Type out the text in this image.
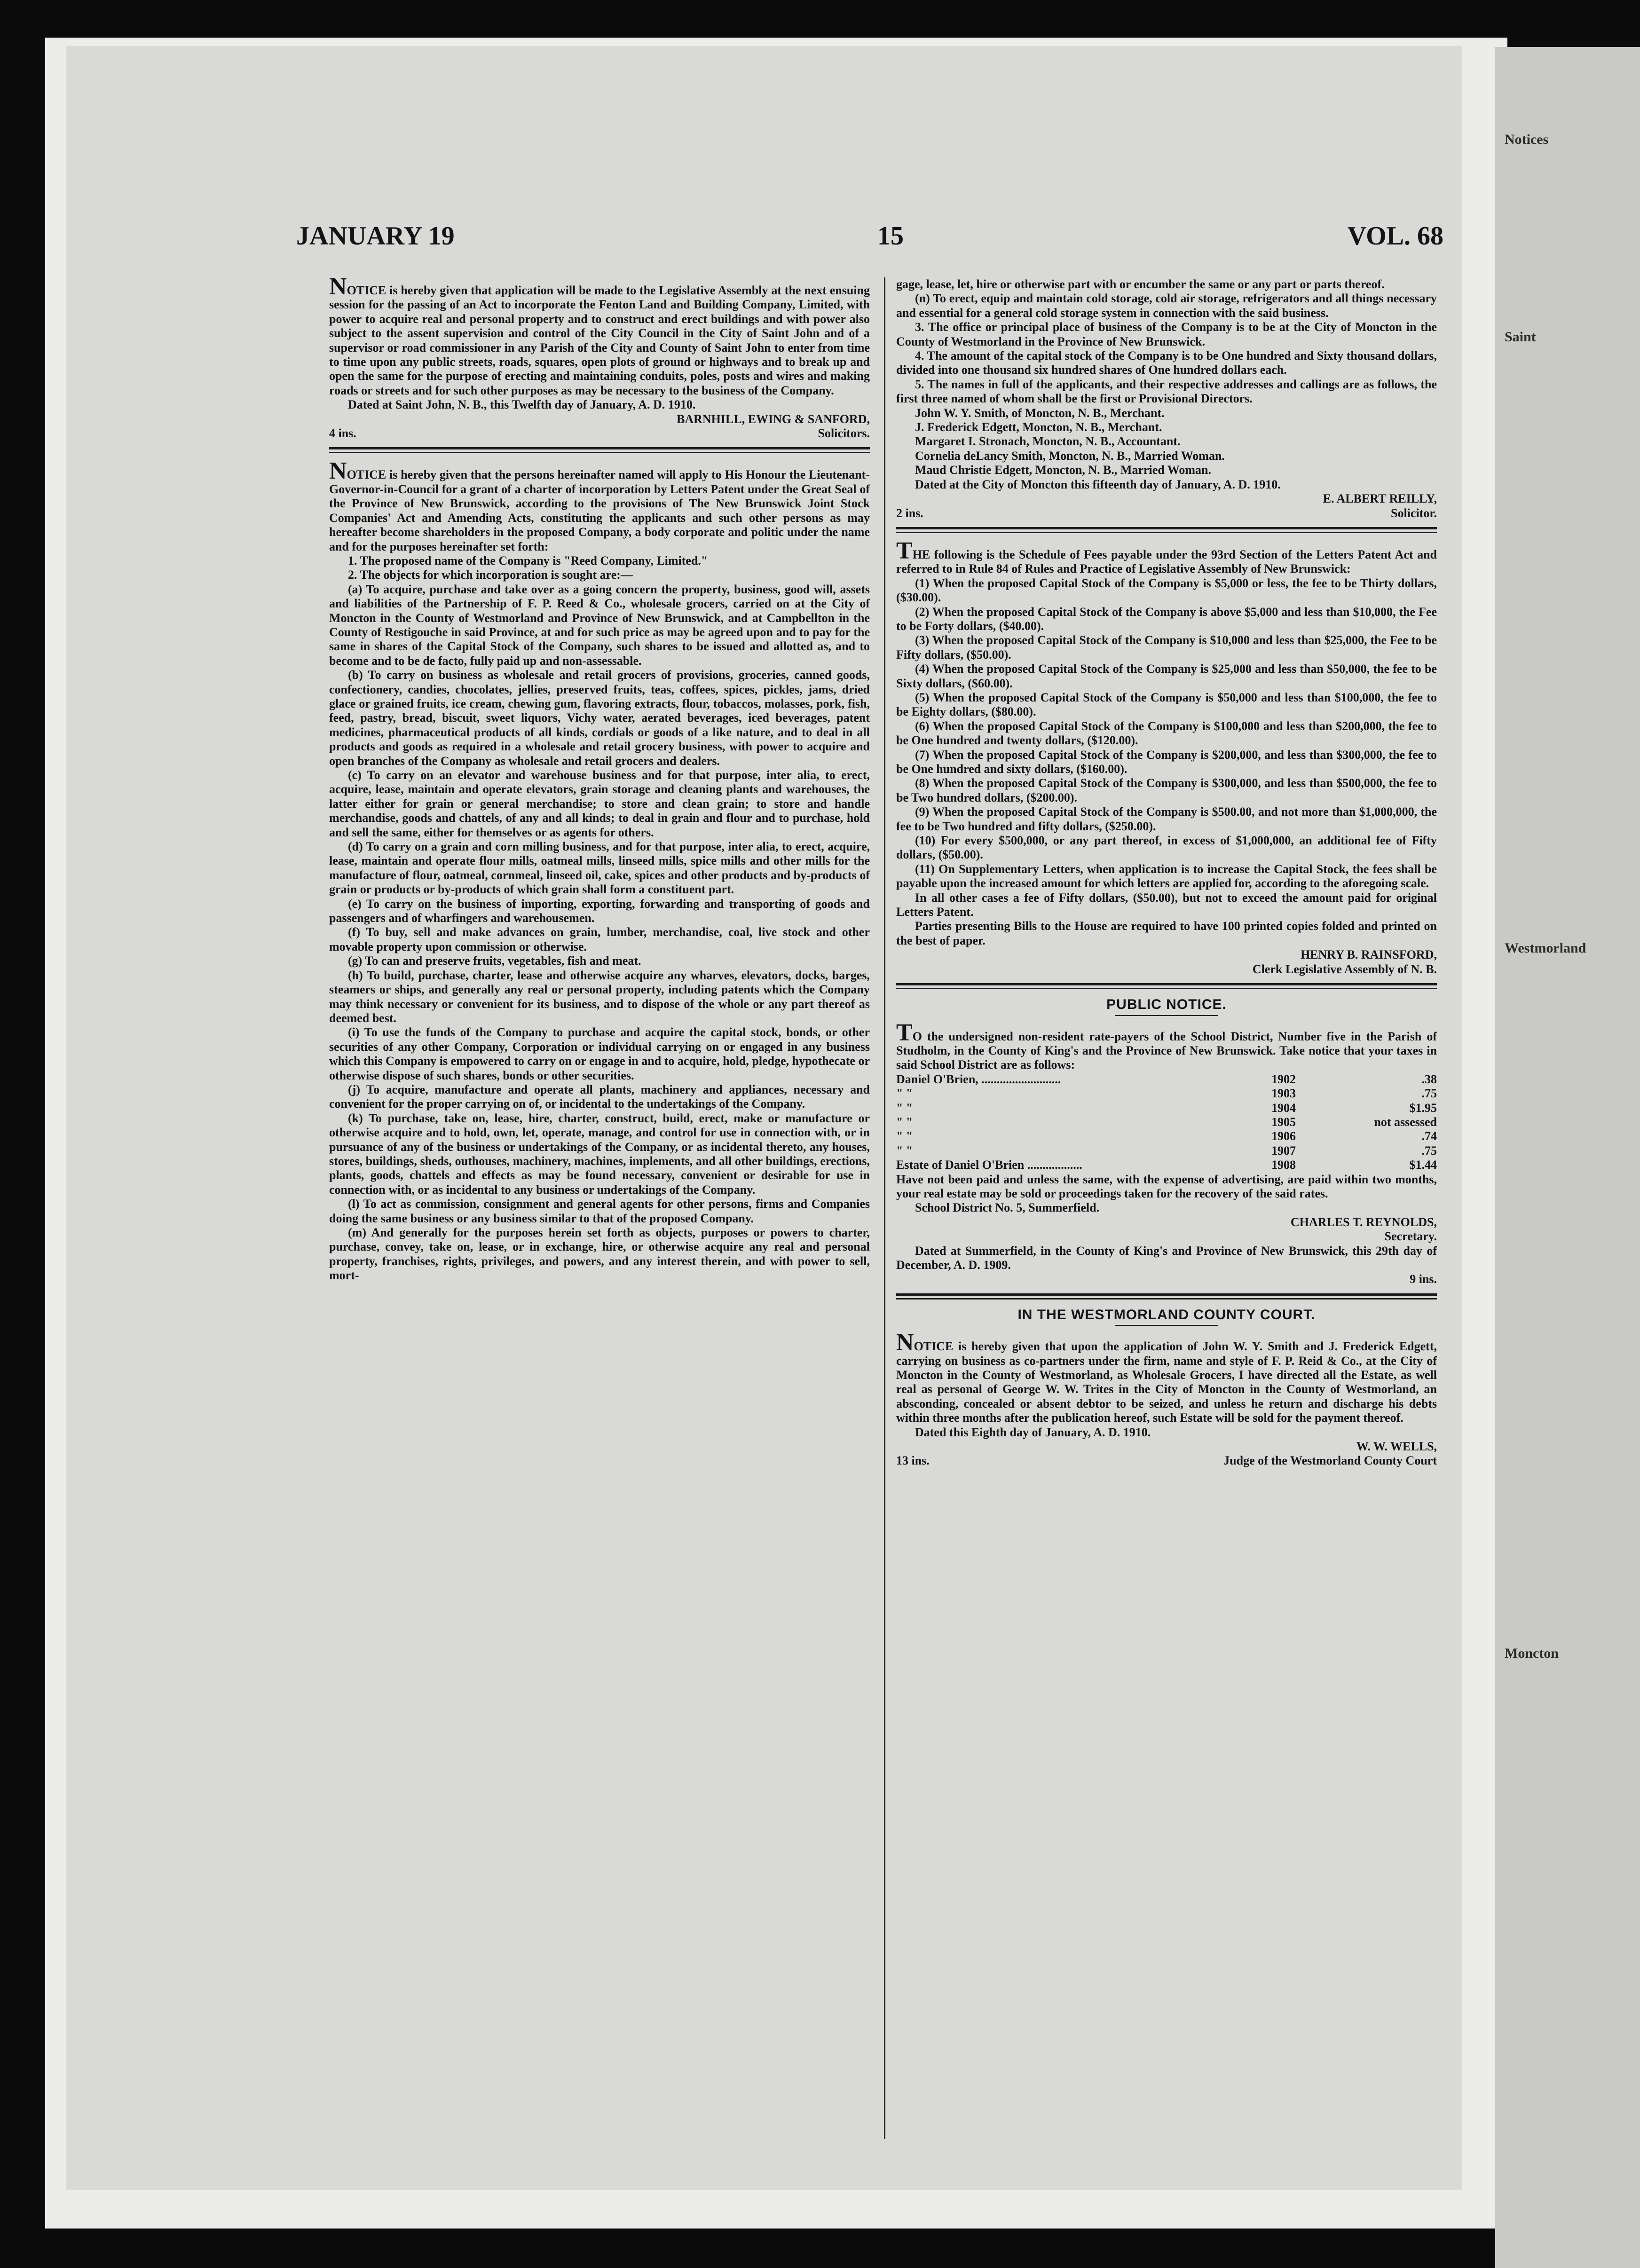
Notices
Saint
Westmorland
Moncton
JANUARY 19	15	VOL. 68

NOTICE is hereby given that application will be made to the Legislative Assembly at the next ensuing session for the passing of an Act to incorporate the Fenton Land and Building Company, Limited, with power to acquire real and personal property and to construct and erect buildings and with power also subject to the assent supervision and control of the City Council in the City of Saint John and of a supervisor or road commissioner in any Parish of the City and County of Saint John to enter from time to time upon any public streets, roads, squares, open plots of ground or highways and to break up and open the same for the purpose of erecting and maintaining conduits, poles, posts and wires and making roads or streets and for such other purposes as may be necessary to the business of the Company.

Dated at Saint John, N. B., this Twelfth day of January, A. D. 1910.

BARNHILL, EWING & SANFORD,

4 ins.	Solicitors.

NOTICE is hereby given that the persons hereinafter named will apply to His Honour the Lieutenant-Governor-in-Council for a grant of a charter of incorporation by Letters Patent under the Great Seal of the Province of New Brunswick, according to the provisions of The New Brunswick Joint Stock Companies' Act and Amending Acts, constituting the applicants and such other persons as may hereafter become shareholders in the proposed Company, a body corporate and politic under the name and for the purposes hereinafter set forth:

1. The proposed name of the Company is "Reed Company, Limited."

2. The objects for which incorporation is sought are:—

(a) To acquire, purchase and take over as a going concern the property, business, good will, assets and liabilities of the Partnership of F. P. Reed & Co., wholesale grocers, carried on at the City of Moncton in the County of Westmorland and Province of New Brunswick, and at Campbellton in the County of Restigouche in said Province, at and for such price as may be agreed upon and to pay for the same in shares of the Capital Stock of the Company, such shares to be issued and allotted as, and to become and to be de facto, fully paid up and non-assessable.

(b) To carry on business as wholesale and retail grocers of provisions, groceries, canned goods, confectionery, candies, chocolates, jellies, preserved fruits, teas, coffees, spices, pickles, jams, dried glace or grained fruits, ice cream, chewing gum, flavoring extracts, flour, tobaccos, molasses, pork, fish, feed, pastry, bread, biscuit, sweet liquors, Vichy water, aerated beverages, iced beverages, patent medicines, pharmaceutical products of all kinds, cordials or goods of a like nature, and to deal in all products and goods as required in a wholesale and retail grocery business, with power to acquire and open branches of the Company as wholesale and retail grocers and dealers.

(c) To carry on an elevator and warehouse business and for that purpose, inter alia, to erect, acquire, lease, maintain and operate elevators, grain storage and cleaning plants and warehouses, the latter either for grain or general merchandise; to store and clean grain; to store and handle merchandise, goods and chattels, of any and all kinds; to deal in grain and flour and to purchase, hold and sell the same, either for themselves or as agents for others.

(d) To carry on a grain and corn milling business, and for that purpose, inter alia, to erect, acquire, lease, maintain and operate flour mills, oatmeal mills, linseed mills, spice mills and other mills for the manufacture of flour, oatmeal, cornmeal, linseed oil, cake, spices and other products and by-products of grain or products or by-products of which grain shall form a constituent part.

(e) To carry on the business of importing, exporting, forwarding and transporting of goods and passengers and of wharfingers and warehousemen.

(f) To buy, sell and make advances on grain, lumber, merchandise, coal, live stock and other movable property upon commission or otherwise.

(g) To can and preserve fruits, vegetables, fish and meat.

(h) To build, purchase, charter, lease and otherwise acquire any wharves, elevators, docks, barges, steamers or ships, and generally any real or personal property, including patents which the Company may think necessary or convenient for its business, and to dispose of the whole or any part thereof as deemed best.

(i) To use the funds of the Company to purchase and acquire the capital stock, bonds, or other securities of any other Company, Corporation or individual carrying on or engaged in any business which this Company is empowered to carry on or engage in and to acquire, hold, pledge, hypothecate or otherwise dispose of such shares, bonds or other securities.

(j) To acquire, manufacture and operate all plants, machinery and appliances, necessary and convenient for the proper carrying on of, or incidental to the undertakings of the Company.

(k) To purchase, take on, lease, hire, charter, construct, build, erect, make or manufacture or otherwise acquire and to hold, own, let, operate, manage, and control for use in connection with, or in pursuance of any of the business or undertakings of the Company, or as incidental thereto, any houses, stores, buildings, sheds, outhouses, machinery, machines, implements, and all other buildings, erections, plants, goods, chattels and effects as may be found necessary, convenient or desirable for use in connection with, or as incidental to any business or undertakings of the Company.

(l) To act as commission, consignment and general agents for other persons, firms and Companies doing the same business or any business similar to that of the proposed Company.

(m) And generally for the purposes herein set forth as objects, purposes or powers to charter, purchase, convey, take on, lease, or in exchange, hire, or otherwise acquire any real and personal property, franchises, rights, privileges, and powers, and any interest therein, and with power to sell, mort-

gage, lease, let, hire or otherwise part with or encumber the same or any part or parts thereof.

(n) To erect, equip and maintain cold storage, cold air storage, refrigerators and all things necessary and essential for a general cold storage system in connection with the said business.

3. The office or principal place of business of the Company is to be at the City of Moncton in the County of Westmorland in the Province of New Brunswick.

4. The amount of the capital stock of the Company is to be One hundred and Sixty thousand dollars, divided into one thousand six hundred shares of One hundred dollars each.

5. The names in full of the applicants, and their respective addresses and callings are as follows, the first three named of whom shall be the first or Provisional Directors.

John W. Y. Smith, of Moncton, N. B., Merchant.

J. Frederick Edgett, Moncton, N. B., Merchant.

Margaret I. Stronach, Moncton, N. B., Accountant.

Cornelia deLancy Smith, Moncton, N. B., Married Woman.

Maud Christie Edgett, Moncton, N. B., Married Woman.

Dated at the City of Moncton this fifteenth day of January, A. D. 1910.

E. ALBERT REILLY,

2 ins.	Solicitor.

THE following is the Schedule of Fees payable under the 93rd Section of the Letters Patent Act and referred to in Rule 84 of Rules and Practice of Legislative Assembly of New Brunswick:

(1) When the proposed Capital Stock of the Company is $5,000 or less, the fee to be Thirty dollars, ($30.00).

(2) When the proposed Capital Stock of the Company is above $5,000 and less than $10,000, the Fee to be Forty dollars, ($40.00).

(3) When the proposed Capital Stock of the Company is $10,000 and less than $25,000, the Fee to be Fifty dollars, ($50.00).

(4) When the proposed Capital Stock of the Company is $25,000 and less than $50,000, the fee to be Sixty dollars, ($60.00).

(5) When the proposed Capital Stock of the Company is $50,000 and less than $100,000, the fee to be Eighty dollars, ($80.00).

(6) When the proposed Capital Stock of the Company is $100,000 and less than $200,000, the fee to be One hundred and twenty dollars, ($120.00).

(7) When the proposed Capital Stock of the Company is $200,000, and less than $300,000, the fee to be One hundred and sixty dollars, ($160.00).

(8) When the proposed Capital Stock of the Company is $300,000, and less than $500,000, the fee to be Two hundred dollars, ($200.00).

(9) When the proposed Capital Stock of the Company is $500.00, and not more than $1,000,000, the fee to be Two hundred and fifty dollars, ($250.00).

(10) For every $500,000, or any part thereof, in excess of $1,000,000, an additional fee of Fifty dollars, ($50.00).

(11) On Supplementary Letters, when application is to increase the Capital Stock, the fees shall be payable upon the increased amount for which letters are applied for, according to the aforegoing scale.

In all other cases a fee of Fifty dollars, ($50.00), but not to exceed the amount paid for original Letters Patent.

Parties presenting Bills to the House are required to have 100 printed copies folded and printed on the best of paper.

HENRY B. RAINSFORD,

Clerk Legislative Assembly of N. B.

PUBLIC NOTICE.

TO the undersigned non-resident rate-payers of the School District, Number five in the Parish of Studholm, in the County of King's and the Province of New Brunswick. Take notice that your taxes in said School District are as follows:

Daniel O'Brien, ..........................	1902	.38
" "	1903	.75
" "	1904	$1.95
" "	1905	not assessed
" "	1906	.74
" "	1907	.75
Estate of Daniel O'Brien ..................	1908	$1.44

Have not been paid and unless the same, with the expense of advertising, are paid within two months, your real estate may be sold or proceedings taken for the recovery of the said rates.

School District No. 5, Summerfield.

CHARLES T. REYNOLDS,

Secretary.

Dated at Summerfield, in the County of King's and Province of New Brunswick, this 29th day of December, A. D. 1909.

9 ins.

IN THE WESTMORLAND COUNTY COURT.

NOTICE is hereby given that upon the application of John W. Y. Smith and J. Frederick Edgett, carrying on business as co-partners under the firm, name and style of F. P. Reid & Co., at the City of Moncton in the County of Westmorland, as Wholesale Grocers, I have directed all the Estate, as well real as personal of George W. W. Trites in the City of Moncton in the County of Westmorland, an absconding, concealed or absent debtor to be seized, and unless he return and discharge his debts within three months after the publication hereof, such Estate will be sold for the payment thereof.

Dated this Eighth day of January, A. D. 1910.

W. W. WELLS,

13 ins.	Judge of the Westmorland County Court
